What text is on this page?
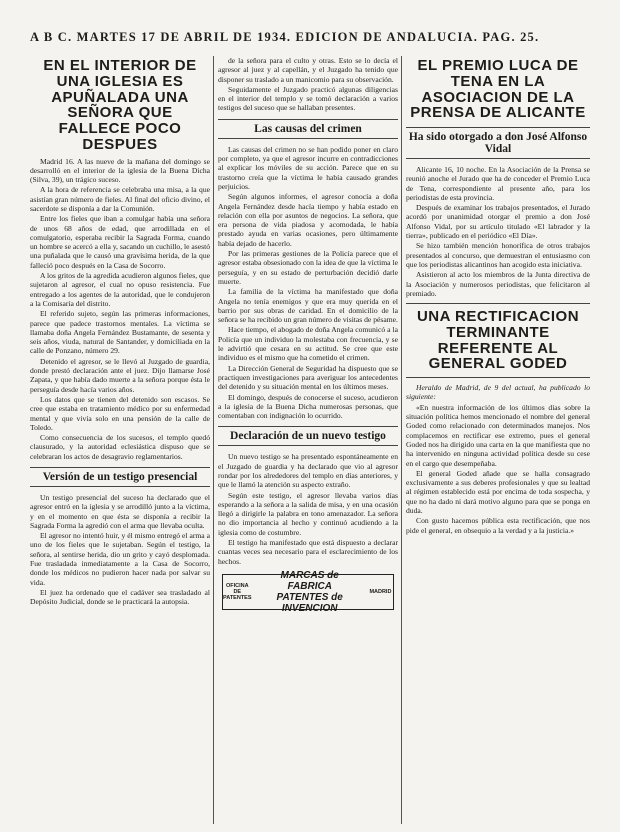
A B C. MARTES 17 DE ABRIL DE 1934. EDICION DE ANDALUCIA. PAG. 25.
EN EL INTERIOR DE UNA IGLESIA ES APUÑALADA UNA SEÑORA QUE FALLECE POCO DESPUES

Madrid 16. A las nueve de la mañana del domingo se desarrolló en el interior de la iglesia de la Buena Dicha (Silva, 39), un trágico suceso.

A la hora de referencia se celebraba una misa, a la que asistían gran número de fieles. Al final del oficio divino, el sacerdote se disponía a dar la Comunión.

Entre los fieles que iban a comulgar había una señora de unos 68 años de edad, que arrodillada en el comulgatorio, esperaba recibir la Sagrada Forma, cuando un hombre se acercó a ella y, sacando un cuchillo, le asestó una puñalada que le causó una gravísima herida, de la que falleció poco después en la Casa de Socorro.

A los gritos de la agredida acudieron algunos fieles, que sujetaron al agresor, el cual no opuso resistencia. Fue entregado a los agentes de la autoridad, que le condujeron a la Comisaría del distrito.

El referido sujeto, según las primeras informaciones, parece que padece trastornos mentales. La víctima se llamaba doña Angela Fernández Bustamante, de sesenta y seis años, viuda, natural de Santander, y domiciliada en la calle de Ponzano, número 29.

Detenido el agresor, se le llevó al Juzgado de guardia, donde prestó declaración ante el juez. Dijo llamarse José Zapata, y que había dado muerte a la señora porque ésta le perseguía desde hacía varios años.

Los datos que se tienen del detenido son escasos. Se cree que estaba en tratamiento médico por su enfermedad mental y que vivía solo en una pensión de la calle de Toledo.

Como consecuencia de los sucesos, el templo quedó clausurado, y la autoridad eclesiástica dispuso que se celebraran los actos de desagravio reglamentarios.

Versión de un testigo presencial

Un testigo presencial del suceso ha declarado que el agresor entró en la iglesia y se arrodilló junto a la víctima, y en el momento en que ésta se disponía a recibir la Sagrada Forma la agredió con el arma que llevaba oculta.

El agresor no intentó huir, y él mismo entregó el arma a uno de los fieles que le sujetaban. Según el testigo, la señora, al sentirse herida, dio un grito y cayó desplomada. Fue trasladada inmediatamente a la Casa de Socorro, donde los médicos no pudieron hacer nada por salvar su vida.

El juez ha ordenado que el cadáver sea trasladado al Depósito Judicial, donde se le practicará la autopsia.

de la señora para el culto y otras. Esto se lo decía el agresor al juez y al capellán, y el Juzgado ha tenido que disponer su traslado a un manicomio para su observación.

Seguidamente el Juzgado practicó algunas diligencias en el interior del templo y se tomó declaración a varios testigos del suceso que se hallaban presentes.

Las causas del crimen

Las causas del crimen no se han podido poner en claro por completo, ya que el agresor incurre en contradicciones al explicar los móviles de su acción. Parece que en su trastorno creía que la víctima le había causado grandes perjuicios.

Según algunos informes, el agresor conocía a doña Angela Fernández desde hacía tiempo y había estado en relación con ella por asuntos de negocios. La señora, que era persona de vida piadosa y acomodada, le había prestado ayuda en varias ocasiones, pero últimamente había dejado de hacerlo.

Por las primeras gestiones de la Policía parece que el agresor estaba obsesionado con la idea de que la víctima le perseguía, y en su estado de perturbación decidió darle muerte.

La familia de la víctima ha manifestado que doña Angela no tenía enemigos y que era muy querida en el barrio por sus obras de caridad. En el domicilio de la señora se ha recibido un gran número de visitas de pésame.

Hace tiempo, el abogado de doña Angela comunicó a la Policía que un individuo la molestaba con frecuencia, y se le advirtió que cesara en su actitud. Se cree que este individuo es el mismo que ha cometido el crimen.

La Dirección General de Seguridad ha dispuesto que se practiquen investigaciones para averiguar los antecedentes del detenido y su situación mental en los últimos meses.

El domingo, después de conocerse el suceso, acudieron a la iglesia de la Buena Dicha numerosas personas, que comentaban con indignación lo ocurrido.

Declaración de un nuevo testigo

Un nuevo testigo se ha presentado espontáneamente en el Juzgado de guardia y ha declarado que vio al agresor rondar por los alrededores del templo en días anteriores, y que le llamó la atención su aspecto extraño.

Según este testigo, el agresor llevaba varios días esperando a la señora a la salida de misa, y en una ocasión llegó a dirigirle la palabra en tono amenazador. La señora no dio importancia al hecho y continuó acudiendo a la iglesia como de costumbre.

El testigo ha manifestado que está dispuesto a declarar cuantas veces sea necesario para el esclarecimiento de los hechos.

OFICINA DE PATENTES
MARCAS de FABRICA
PATENTES de INVENCION
MADRID
EL PREMIO LUCA DE TENA EN LA ASOCIACION DE LA PRENSA DE ALICANTE
Ha sido otorgado a don José Alfonso Vidal

Alicante 16, 10 noche. En la Asociación de la Prensa se reunió anoche el Jurado que ha de conceder el Premio Luca de Tena, correspondiente al presente año, para los periodistas de esta provincia.

Después de examinar los trabajos presentados, el Jurado acordó por unanimidad otorgar el premio a don José Alfonso Vidal, por su artículo titulado «El labrador y la tierra», publicado en el periódico «El Día».

Se hizo también mención honorífica de otros trabajos presentados al concurso, que demuestran el entusiasmo con que los periodistas alicantinos han acogido esta iniciativa.

Asistieron al acto los miembros de la Junta directiva de la Asociación y numerosos periodistas, que felicitaron al premiado.

UNA RECTIFICACION TERMINANTE REFERENTE AL GENERAL GODED

Heraldo de Madrid, de 9 del actual, ha publicado lo siguiente:

«En nuestra información de los últimos días sobre la situación política hemos mencionado el nombre del general Goded como relacionado con determinados manejos. Nos complacemos en rectificar ese extremo, pues el general Goded nos ha dirigido una carta en la que manifiesta que no ha intervenido en ninguna actividad política desde su cese en el cargo que desempeñaba.

El general Goded añade que se halla consagrado exclusivamente a sus deberes profesionales y que su lealtad al régimen establecido está por encima de toda sospecha, y que no ha dado ni dará motivo alguno para que se ponga en duda.

Con gusto hacemos pública esta rectificación, que nos pide el general, en obsequio a la verdad y a la justicia.»
